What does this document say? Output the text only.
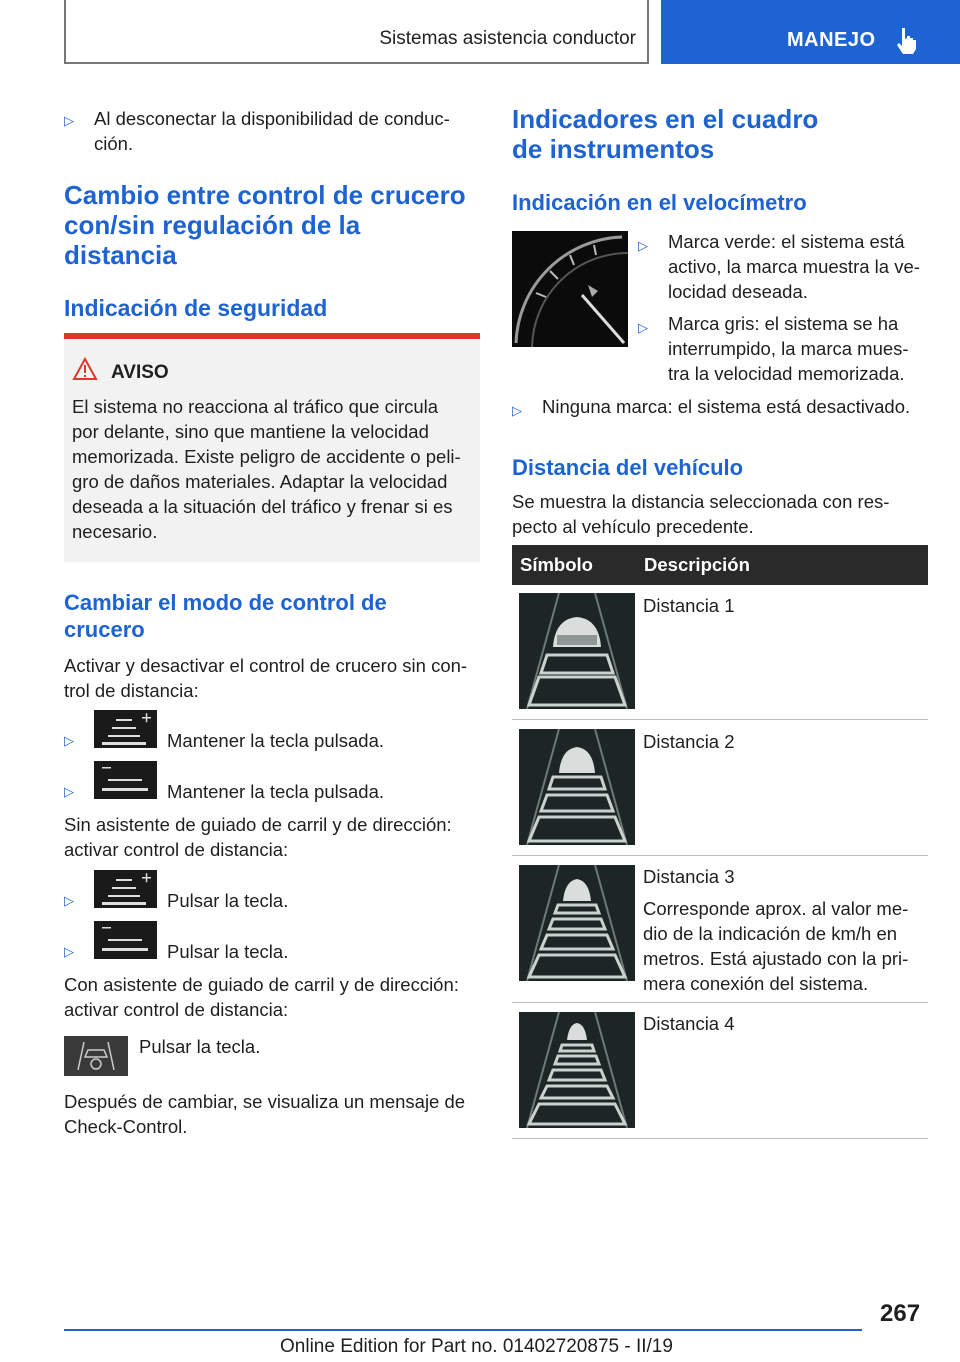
Sistemas asistencia conductor	MANEJO
▷ Al desconectar la disponibilidad de conduc-
ción.
Cambio entre control de crucero
con/sin regulación de la
distancia
Indicación de seguridad
AVISO
El sistema no reacciona al tráfico que circula
por delante, sino que mantiene la velocidad
memorizada. Existe peligro de accidente o peli-
gro de daños materiales. Adaptar la velocidad
deseada a la situación del tráfico y frenar si es
necesario.
Cambiar el modo de control de
crucero
Activar y desactivar el control de crucero sin con-
trol de distancia:
▷	Mantener la tecla pulsada.
▷	Mantener la tecla pulsada.
Sin asistente de guiado de carril y de dirección:
activar control de distancia:
▷	Pulsar la tecla.
▷	Pulsar la tecla.
Con asistente de guiado de carril y de dirección:
activar control de distancia:
Pulsar la tecla.
Después de cambiar, se visualiza un mensaje de
Check-Control.
Indicadores en el cuadro
de instrumentos
Indicación en el velocímetro
▷ Marca verde: el sistema está
activo, la marca muestra la ve-
locidad deseada.
▷ Marca gris: el sistema se ha
interrumpido, la marca mues-
tra la velocidad memorizada.
▷ Ninguna marca: el sistema está desactivado.
Distancia del vehículo
Se muestra la distancia seleccionada con res-
pecto al vehículo precedente.
Símbolo	Descripción
Distancia 1
Distancia 2
Distancia 3
Corresponde aprox. al valor me-
dio de la indicación de km/h en
metros. Está ajustado con la pri-
mera conexión del sistema.
Distancia 4
267
Online Edition for Part no. 01402720875 - II/19
